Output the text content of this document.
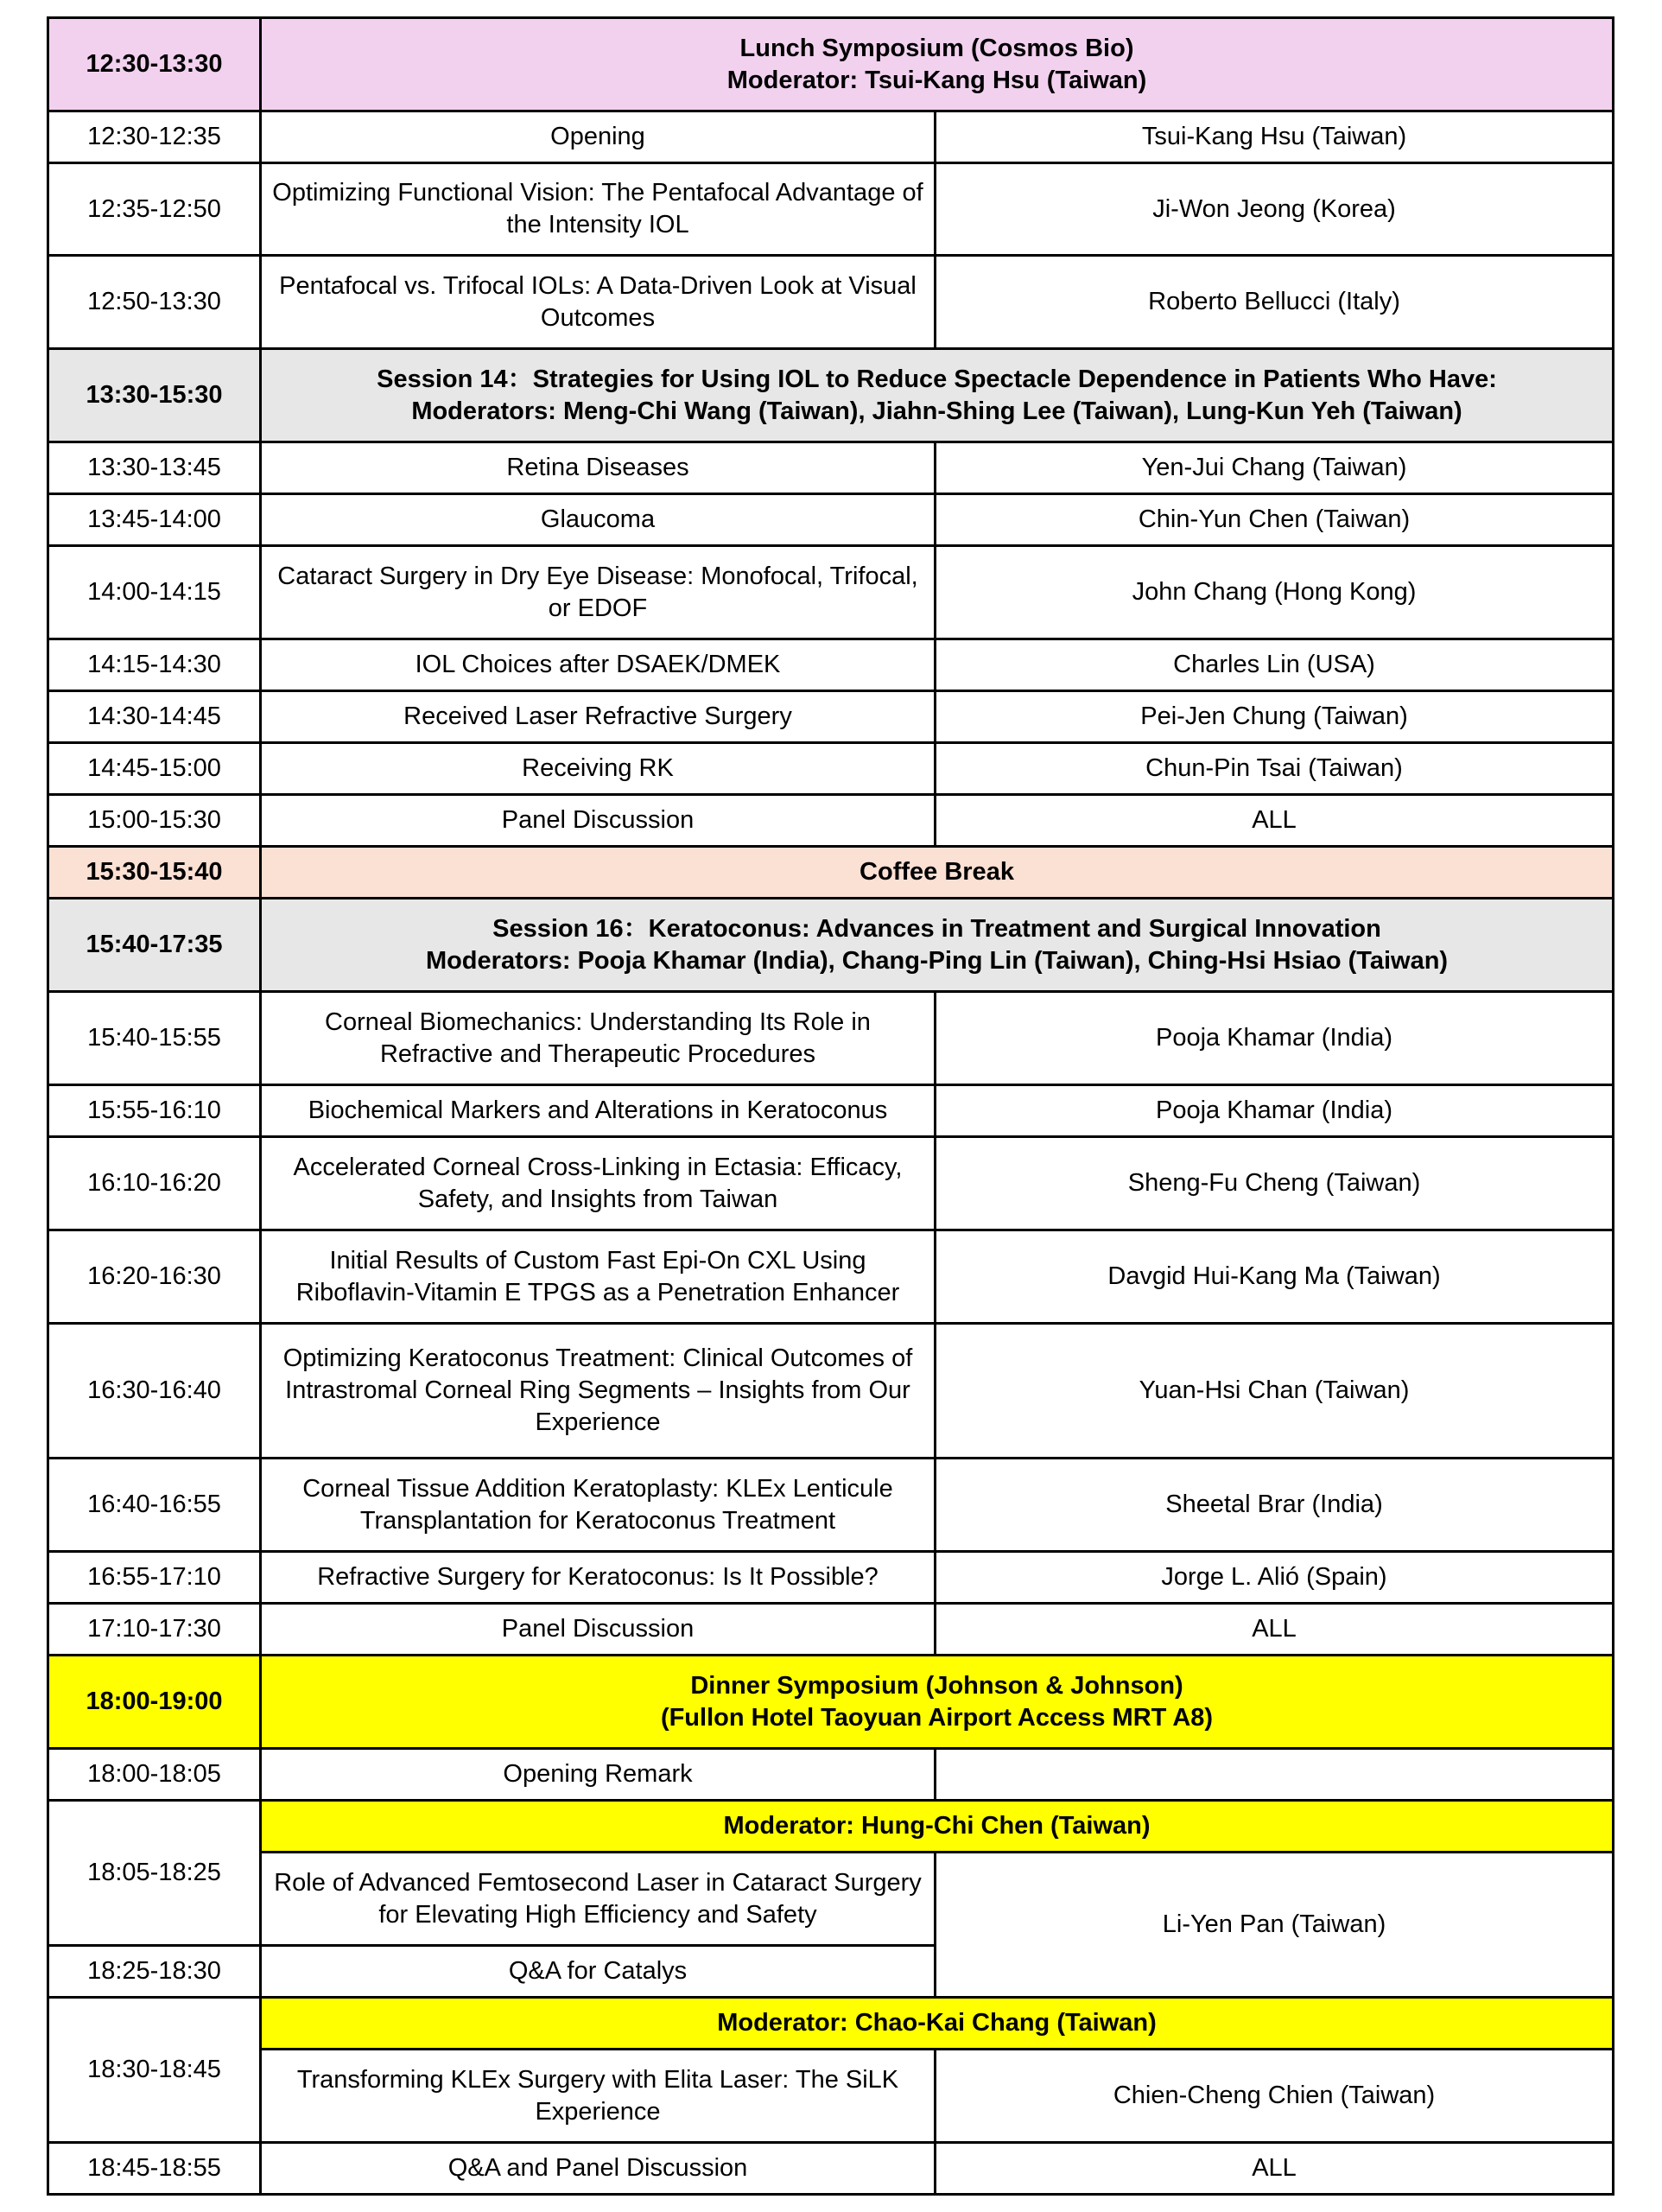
12:30-13:30	Lunch Symposium (Cosmos Bio)
Moderator: Tsui-Kang Hsu (Taiwan)	

12:30-12:35	Opening	Tsui-Kang Hsu (Taiwan)
12:35-12:50	Optimizing Functional Vision: The Pentafocal Advantage of the Intensity IOL	Ji-Won Jeong (Korea)
12:50-13:30	Pentafocal vs. Trifocal IOLs: A Data-Driven Look at Visual Outcomes	Roberto Bellucci (Italy)
13:30-15:30	Session 14：Strategies for Using IOL to Reduce Spectacle Dependence in Patients Who Have:
Moderators: Meng-Chi Wang (Taiwan), Jiahn-Shing Lee (Taiwan), Lung-Kun Yeh (Taiwan)	

13:30-13:45	Retina Diseases	Yen-Jui Chang (Taiwan)
13:45-14:00	Glaucoma	Chin-Yun Chen (Taiwan)
14:00-14:15	Cataract Surgery in Dry Eye Disease: Monofocal, Trifocal, or EDOF	John Chang (Hong Kong)
14:15-14:30	IOL Choices after DSAEK/DMEK	Charles Lin (USA)
14:30-14:45	Received Laser Refractive Surgery	Pei-Jen Chung (Taiwan)
14:45-15:00	Receiving RK	Chun-Pin Tsai (Taiwan)
15:00-15:30	Panel Discussion	ALL
15:30-15:40	Coffee Break	
15:40-17:35	Session 16：Keratoconus: Advances in Treatment and Surgical Innovation
Moderators: Pooja Khamar (India), Chang-Ping Lin (Taiwan), Ching-Hsi Hsiao (Taiwan)	

15:40-15:55	Corneal Biomechanics: Understanding Its Role in Refractive and Therapeutic Procedures	Pooja Khamar (India)
15:55-16:10	Biochemical Markers and Alterations in Keratoconus	Pooja Khamar (India)
16:10-16:20	Accelerated Corneal Cross-Linking in Ectasia: Efficacy, Safety, and Insights from Taiwan	Sheng-Fu Cheng (Taiwan)
16:20-16:30	Initial Results of Custom Fast Epi-On CXL Using Riboflavin-Vitamin E TPGS as a Penetration Enhancer	Davgid Hui-Kang Ma (Taiwan)
16:30-16:40	Optimizing Keratoconus Treatment: Clinical Outcomes of Intrastromal Corneal Ring Segments – Insights from Our Experience	Yuan-Hsi Chan (Taiwan)
16:40-16:55	Corneal Tissue Addition Keratoplasty: KLEx Lenticule Transplantation for Keratoconus Treatment	Sheetal Brar (India)
16:55-17:10	Refractive Surgery for Keratoconus: Is It Possible?	Jorge L. Alió (Spain)
17:10-17:30	Panel Discussion	ALL
18:00-19:00	Dinner Symposium (Johnson & Johnson)
(Fullon Hotel Taoyuan Airport Access MRT A8)	

18:00-18:05	Opening Remark	
18:05-18:25	Moderator: Hung-Chi Chen (Taiwan)	
	Role of Advanced Femtosecond Laser in Cataract Surgery for Elevating High Efficiency and Safety	Li-Yen Pan (Taiwan)
18:25-18:30	Q&A for Catalys	
18:30-18:45	Moderator: Chao-Kai Chang (Taiwan)	
	Transforming KLEx Surgery with Elita Laser: The SiLK Experience	Chien-Cheng Chien (Taiwan)
18:45-18:55	Q&A and Panel Discussion	ALL
